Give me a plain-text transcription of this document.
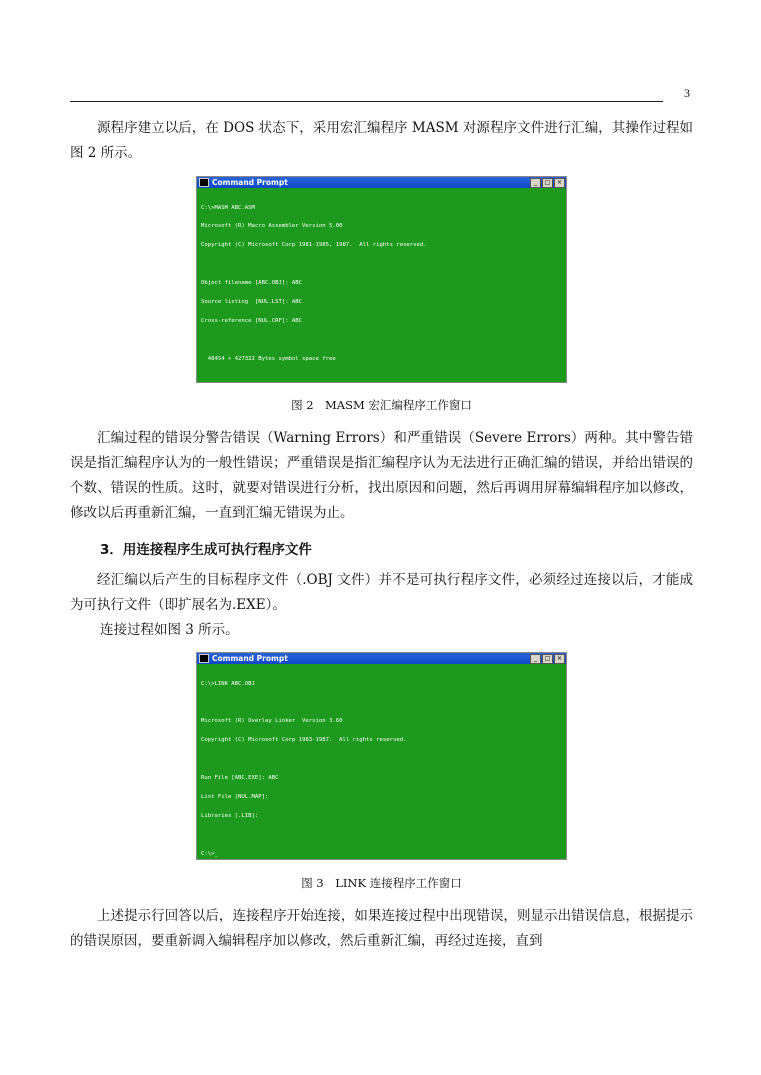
3

源程序建立以后，在 DOS 状态下，采用宏汇编程序 MASM 对源程序文件进行汇编，其操作过程如图 2 所示。

Command Prompt	_	□	×

C:\>MASM ABC.ASM

Microsoft (R) Macro Assembler Version 5.00

Copyright (C) Microsoft Corp 1981-1985, 1987.  All rights reserved.

Object filename [ABC.OBJ]: ABC

Source listing  [NUL.LST]: ABC

Cross-reference [NUL.CRF]: ABC

48454 + 427322 Bytes symbol space free

0 Warning Errors

0 Severe  Errors

C:\>_

图 2　MASM 宏汇编程序工作窗口

汇编过程的错误分警告错误（Warning Errors）和严重错误（Severe Errors）两种。其中警告错误是指汇编程序认为的一般性错误；严重错误是指汇编程序认为无法进行正确汇编的错误，并给出错误的个数、错误的性质。这时，就要对错误进行分析，找出原因和问题，然后再调用屏幕编辑程序加以修改，修改以后再重新汇编，一直到汇编无错误为止。

3．用连接程序生成可执行程序文件

经汇编以后产生的目标程序文件（.OBJ 文件）并不是可执行程序文件，必须经过连接以后，才能成为可执行文件（即扩展名为.EXE）。

连接过程如图 3 所示。

Command Prompt	_	□	×

C:\>LINK ABC.OBJ

Microsoft (R) Overlay Linker  Version 3.60

Copyright (C) Microsoft Corp 1983-1987.  All rights reserved.

Run File [ABC.EXE]: ABC

List File [NUL.MAP]:

Libraries [.LIB]:

C:\>_

图 3　LINK 连接程序工作窗口

上述提示行回答以后，连接程序开始连接，如果连接过程中出现错误，则显示出错误信息，根据提示的错误原因，要重新调入编辑程序加以修改，然后重新汇编，再经过连接，直到
